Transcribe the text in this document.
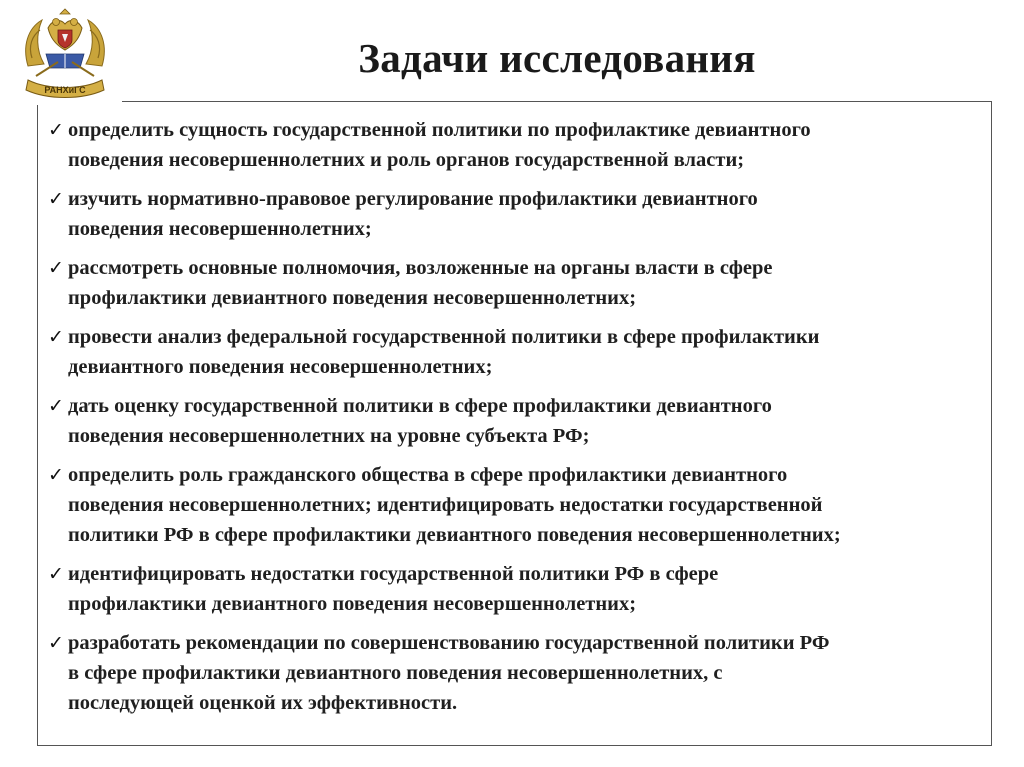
РАНХиГС
Задачи исследования
✓ определить сущность государственной политики по профилактике девиантного
поведения несовершеннолетних и роль органов государственной власти;
✓ изучить нормативно-правовое регулирование профилактики девиантного
поведения несовершеннолетних;
✓ рассмотреть основные полномочия, возложенные на органы власти в сфере
профилактики девиантного поведения несовершеннолетних;
✓ провести анализ федеральной государственной политики в сфере профилактики
девиантного поведения несовершеннолетних;
✓ дать оценку государственной политики в сфере профилактики девиантного
поведения несовершеннолетних на уровне субъекта РФ;
✓ определить роль гражданского общества в сфере профилактики девиантного
поведения несовершеннолетних; идентифицировать недостатки государственной
политики РФ в сфере профилактики девиантного поведения несовершеннолетних;
✓ идентифицировать недостатки государственной политики РФ в сфере
профилактики девиантного поведения несовершеннолетних;
✓ разработать рекомендации по совершенствованию государственной политики РФ
в сфере профилактики девиантного поведения несовершеннолетних, с
последующей оценкой их эффективности.
